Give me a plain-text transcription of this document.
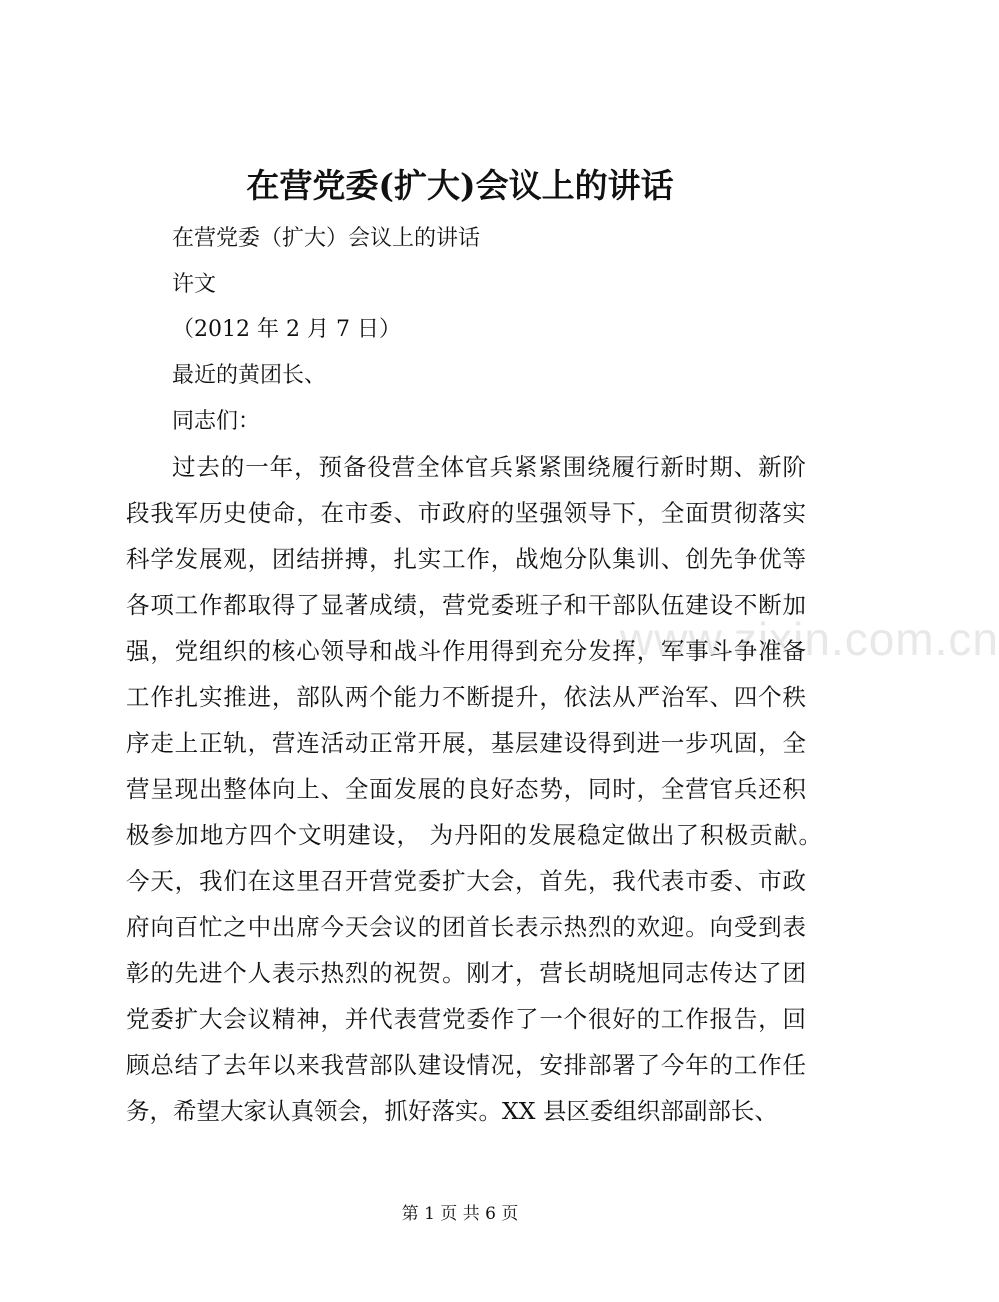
www.zixin.com.cn
在营党委(扩大)会议上的讲话
在营党委（扩大）会议上的讲话
许文
（2012 年 2 月 7 日）
最近的黄团长、
同志们：
过去的一年，预备役营全体官兵紧紧围绕履行新时期、新阶
段我军历史使命，在市委、市政府的坚强领导下，全面贯彻落实
科学发展观，团结拼搏，扎实工作，战炮分队集训、创先争优等
各项工作都取得了显著成绩，营党委班子和干部队伍建设不断加
强，党组织的核心领导和战斗作用得到充分发挥，军事斗争准备
工作扎实推进，部队两个能力不断提升，依法从严治军、四个秩
序走上正轨，营连活动正常开展，基层建设得到进一步巩固，全
营呈现出整体向上、全面发展的良好态势，同时，全营官兵还积
极参加地方四个文明建设， 为丹阳的发展稳定做出了积极贡献。
今天，我们在这里召开营党委扩大会，首先，我代表市委、市政
府向百忙之中出席今天会议的团首长表示热烈的欢迎。向受到表
彰的先进个人表示热烈的祝贺。刚才，营长胡晓旭同志传达了团
党委扩大会议精神，并代表营党委作了一个很好的工作报告，回
顾总结了去年以来我营部队建设情况，安排部署了今年的工作任
务，希望大家认真领会，抓好落实。XX 县区委组织部副部长、
第 1 页 共 6 页
